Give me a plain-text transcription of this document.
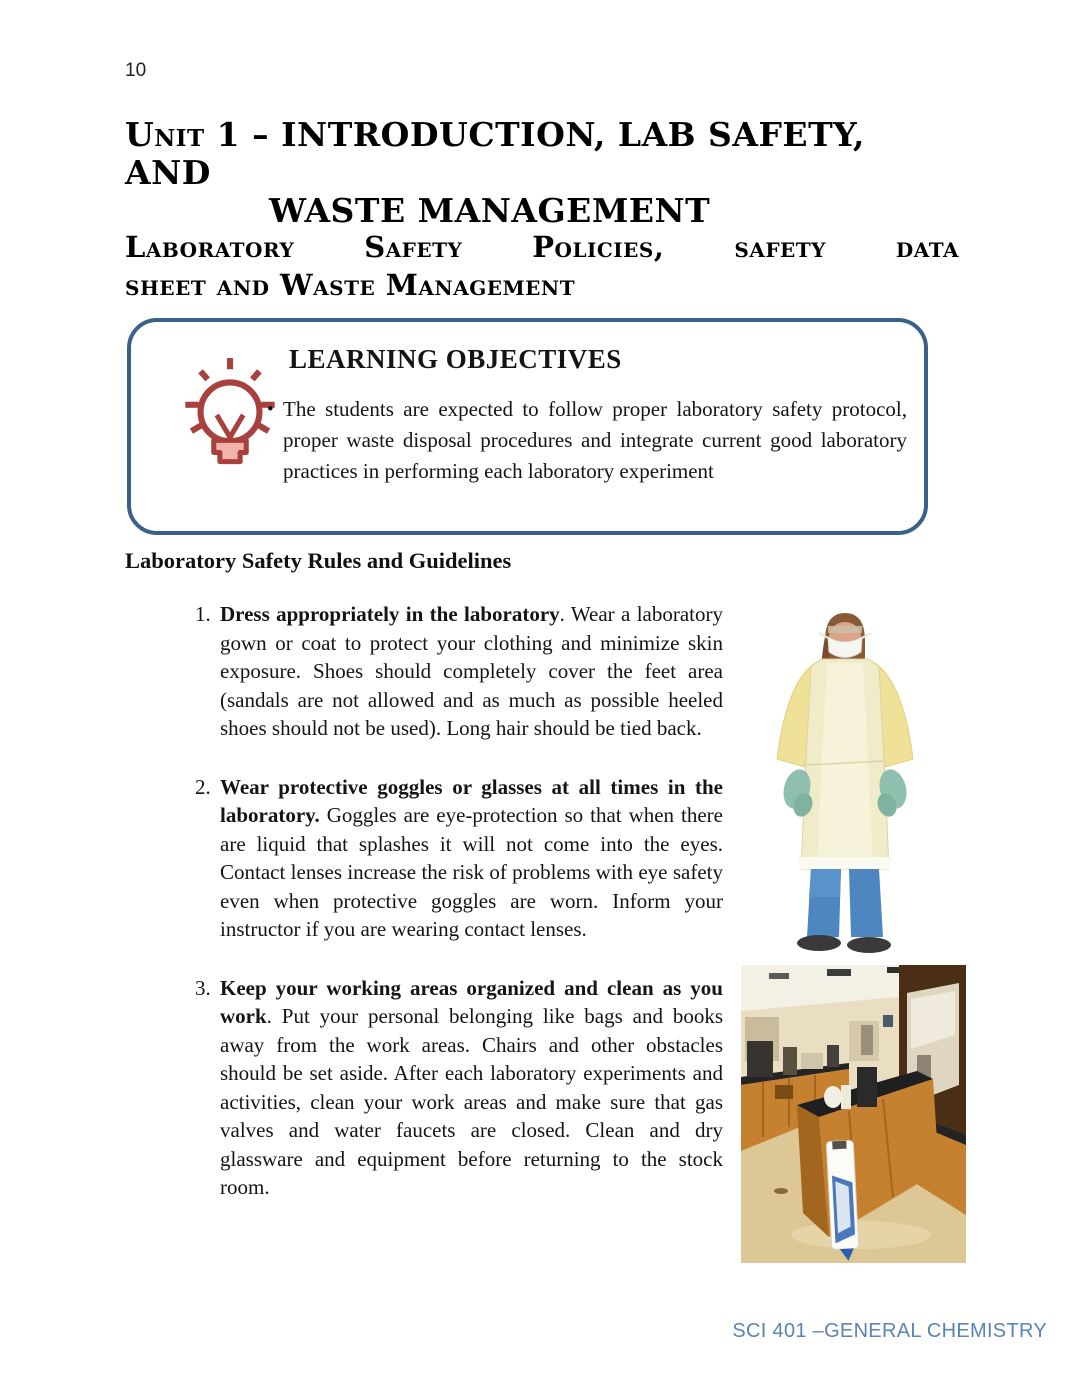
10
Unit 1 – INTRODUCTION, LAB SAFETY, AND
WASTE MANAGEMENT
Laboratory Safety Policies, safety data
sheet and Waste Management
LEARNING OBJECTIVES
• The students are expected to follow proper laboratory safety protocol, proper waste disposal procedures and integrate current good laboratory practices in performing each laboratory experiment
Laboratory Safety Rules and Guidelines
1. Dress appropriately in the laboratory. Wear a laboratory gown or coat to protect your clothing and minimize skin exposure. Shoes should completely cover the feet area (sandals are not allowed and as much as possible heeled shoes should not be used). Long hair should be tied back.
2. Wear protective goggles or glasses at all times in the laboratory. Goggles are eye-protection so that when there are liquid that splashes it will not come into the eyes. Contact lenses increase the risk of problems with eye safety even when protective goggles are worn. Inform your instructor if you are wearing contact lenses.
3. Keep your working areas organized and clean as you work. Put your personal belonging like bags and books away from the work areas. Chairs and other obstacles should be set aside. After each laboratory experiments and activities, clean your work areas and make sure that gas valves and water faucets are closed. Clean and dry glassware and equipment before returning to the stock room.
SCI 401 –GENERAL CHEMISTRY
